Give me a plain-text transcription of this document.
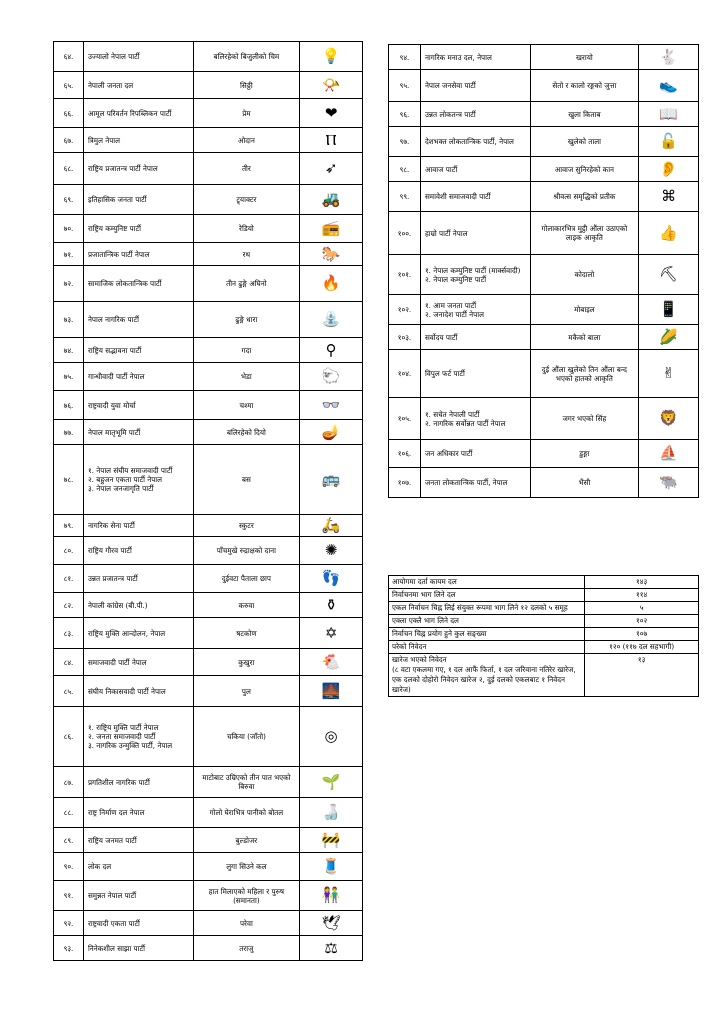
६४.	उज्यालो नेपाल पार्टी	बलिरहेको बिजुलीको चिम	💡
६५.	नेपाली जनता दल	सिठ्ठी	📯
६६.	आमूल परिवर्तन रिपब्लिकन पार्टी	प्रेम	❤
६७.	त्रिमुल नेपाल	ओदान	Ⲡ
६८.	राष्ट्रिय प्रजातन्त्र पार्टी नेपाल	तीर	➶
६९.	इतिहासिक जनता पार्टी	ट्र्याक्टर	🚜
७०.	राष्ट्रिय कम्युनिष्ट पार्टी	रेडियो	📻
७१.	प्रजातान्त्रिक पार्टी नेपाल	रथ	🐎
७२.	सामाजिक लोकतान्त्रिक पार्टी	तीन ढुङ्गे अघिनो	🔥
७३.	नेपाल नागरिक पार्टी	ढुङ्गे धारा	⛲
७४.	राष्ट्रिय सद्भावना पार्टी	गदा	⚲
७५.	गान्धीवादी पार्टी नेपाल	भेडा	🐑
७६.	राष्ट्रवादी युवा मोर्चा	चश्मा	👓
७७.	नेपाल मातृभूमि पार्टी	बलिरहेको दियो	🪔
७८.	१. नेपाल संघीय समाजवादी पार्टी
२. बहुजन एकता पार्टी नेपाल
३. नेपाल जनजागृति पार्टी	बस	🚌
७९.	नागरिक सेना पार्टी	स्कुटर	🛵
८०.	राष्ट्रिय गौरव पार्टी	पाँचमुखे रुद्राक्षको दाना	✺
८१.	उन्नत प्रजातन्त्र पार्टी	दुईवटा पैताला छाप	👣
८२.	नेपाली कांग्रेस (बी.पी.)	करुवा	⚱
८३.	राष्ट्रिय मुक्ति आन्दोलन, नेपाल	षटकोण	✡
८४.	समाजवादी पार्टी नेपाल	कुखुरा	🐔
८५.	संघीय निकासवादी पार्टी नेपाल	पुल	🌉
८६.	१. राष्ट्रिय मुक्ति पार्टी नेपाल
२. जनता समाजवादी पार्टी
३. नागरिक उन्मुक्ति पार्टी, नेपाल	चकिया (जाँतो)	◎
८७.	प्रगतिशील नागरिक पार्टी	माटोबाट उम्रिएको तीन पात भएको बिरुवा	🌱
८८.	राष्ट्र निर्माण दल नेपाल	गोलो घेराभित्र पानीको बोतल	🍶
८९.	राष्ट्रिय जनमत पार्टी	बुल्डोजर	🚧
९०.	लोक दल	लुगा सिउने कल	🧵
९१.	समुन्नत नेपाल पार्टी	हात मिलाएको महिला र पुरुष (समानता)	👫
९२.	राष्ट्रवादी एकता पार्टी	परेवा	🕊
९३.	निनेकशील साझा पार्टी	तराजु	⚖
९४.	नागरिक मनाउ दल, नेपाल	खरायो	🐇
९५.	नेपाल जनसेवा पार्टी	सेतो र कालो रङ्गको जुत्ता	👟
९६.	उन्नत लोकतन्त्र पार्टी	खुला किताब	📖
९७.	देशभक्त लोकतान्त्रिक पार्टी, नेपाल	खुलेको ताला	🔓
९८.	आवाज पार्टी	आवाज सुनिरहेको कान	👂
९९.	समावेशी समाजवादी पार्टी	श्रीवत्स समृद्धिको प्रतीक	⌘
१००.	हाम्रो पार्टी नेपाल	गोलाकारभित्र मुट्ठी औंला उठाएको लाइक आकृति	👍
१०१.	१. नेपाल कम्युनिष्ट पार्टी (मार्क्सवादी)
२. नेपाल कम्युनिष्ट पार्टी	कोदालो	⛏
१०२.	१. आम जनता पार्टी
२. जनादेश पार्टी नेपाल	मोबाइल	📱
१०३.	सर्वोदय पार्टी	मकैको बाला	🌽
१०४.	विपुल फर्ट पार्टी	दुई औंला खुलेको तिन औंला बन्द भएको हातको आकृति	✌
१०५.	१. सचेत नेपाली पार्टी
२. नागरिक सर्वोन्नत पार्टी नेपाल	जगर भएको सिंह	🦁
१०६.	जन अधिकार पार्टी	डुङ्गा	⛵
१०७.	जनता लोकतान्त्रिक पार्टी, नेपाल	भैंसी	🐃
आयोगमा दर्ता कायम दल	१४३
निर्वाचनमा भाग लिने दल	११४
एकल निर्वाचन चिह्न लिई संयुक्त रूपमा भाग लिने १२ दलको ५ समूह	५
एक्ला एक्लै भाग लिने दल	१०२
निर्वाचन चिह्न प्रयोग हुने कुल सङ्ख्या	१०७
परेको निवेदन	१२० (११७ दल सहभागी)
खारेज भएको निवेदन
(८ वटा एकलमा गए, १ दल आफैं फिर्ता, १ दल जरिवाना नतिरेर खारेज, एक दलको दोहोरो निवेदन खारेज २, दुई दलको एकलबाट १ निवेदन खारेज)	१३
